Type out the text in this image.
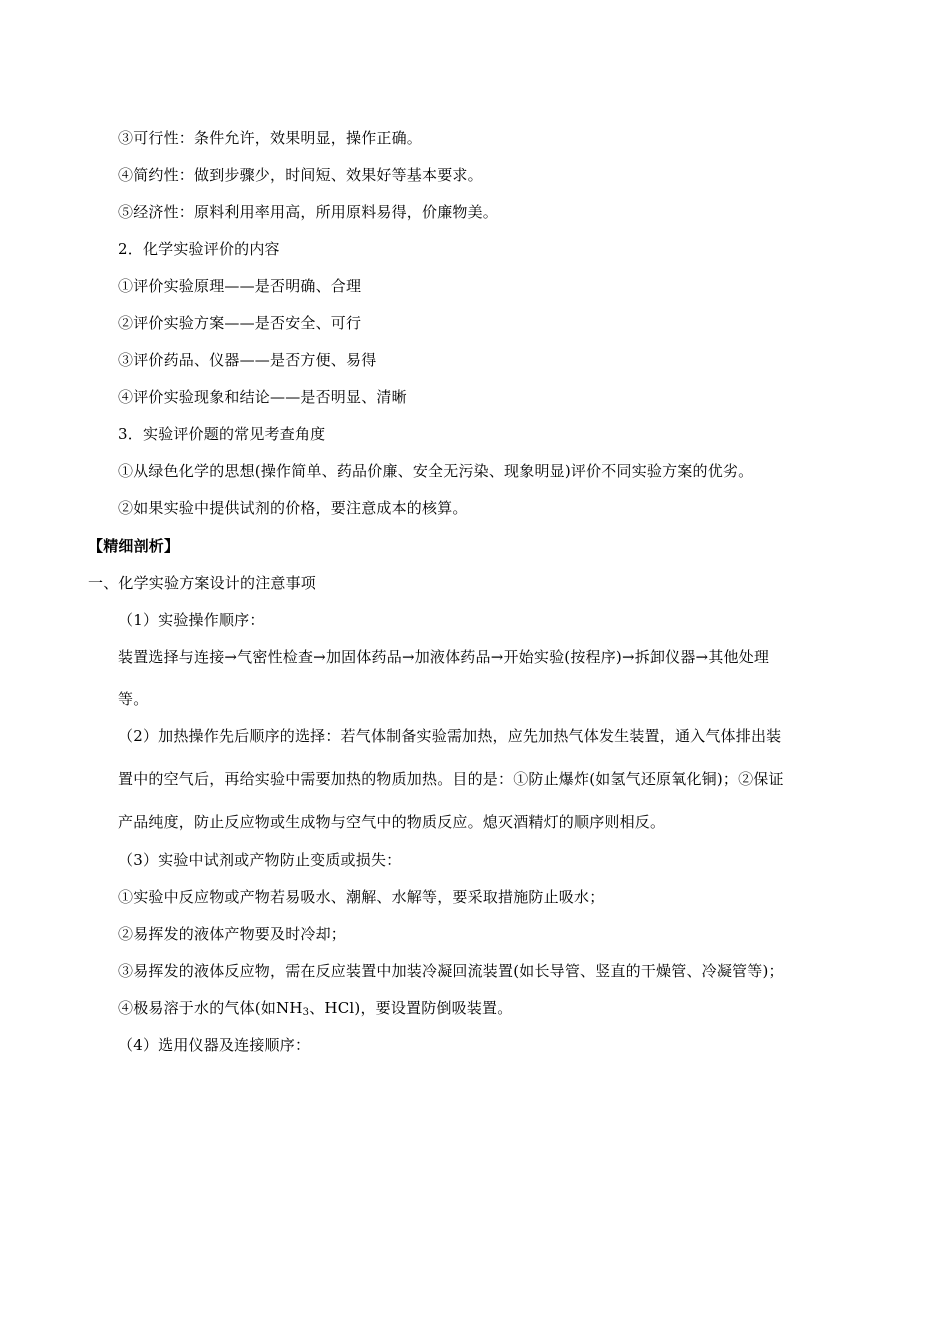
③可行性：条件允许，效果明显，操作正确。
④简约性：做到步骤少，时间短、效果好等基本要求。
⑤经济性：原料利用率用高，所用原料易得，价廉物美。
2．化学实验评价的内容
①评价实验原理——是否明确、合理
②评价实验方案——是否安全、可行
③评价药品、仪器——是否方便、易得
④评价实验现象和结论——是否明显、清晰
3．实验评价题的常见考查角度
①从绿色化学的思想(操作简单、药品价廉、安全无污染、现象明显)评价不同实验方案的优劣。
②如果实验中提供试剂的价格，要注意成本的核算。
【精细剖析】
一、化学实验方案设计的注意事项
（1）实验操作顺序：
装置选择与连接→气密性检查→加固体药品→加液体药品→开始实验(按程序)→拆卸仪器→其他处理
等。
（2）加热操作先后顺序的选择：若气体制备实验需加热，应先加热气体发生装置，通入气体排出装
置中的空气后，再给实验中需要加热的物质加热。目的是：①防止爆炸(如氢气还原氧化铜)；②保证
产品纯度，防止反应物或生成物与空气中的物质反应。熄灭酒精灯的顺序则相反。
（3）实验中试剂或产物防止变质或损失：
①实验中反应物或产物若易吸水、潮解、水解等，要采取措施防止吸水；
②易挥发的液体产物要及时冷却；
③易挥发的液体反应物，需在反应装置中加装冷凝回流装置(如长导管、竖直的干燥管、冷凝管等)；
④极易溶于水的气体(如$NH_3$、HCl)，要设置防倒吸装置。
（4）选用仪器及连接顺序：
